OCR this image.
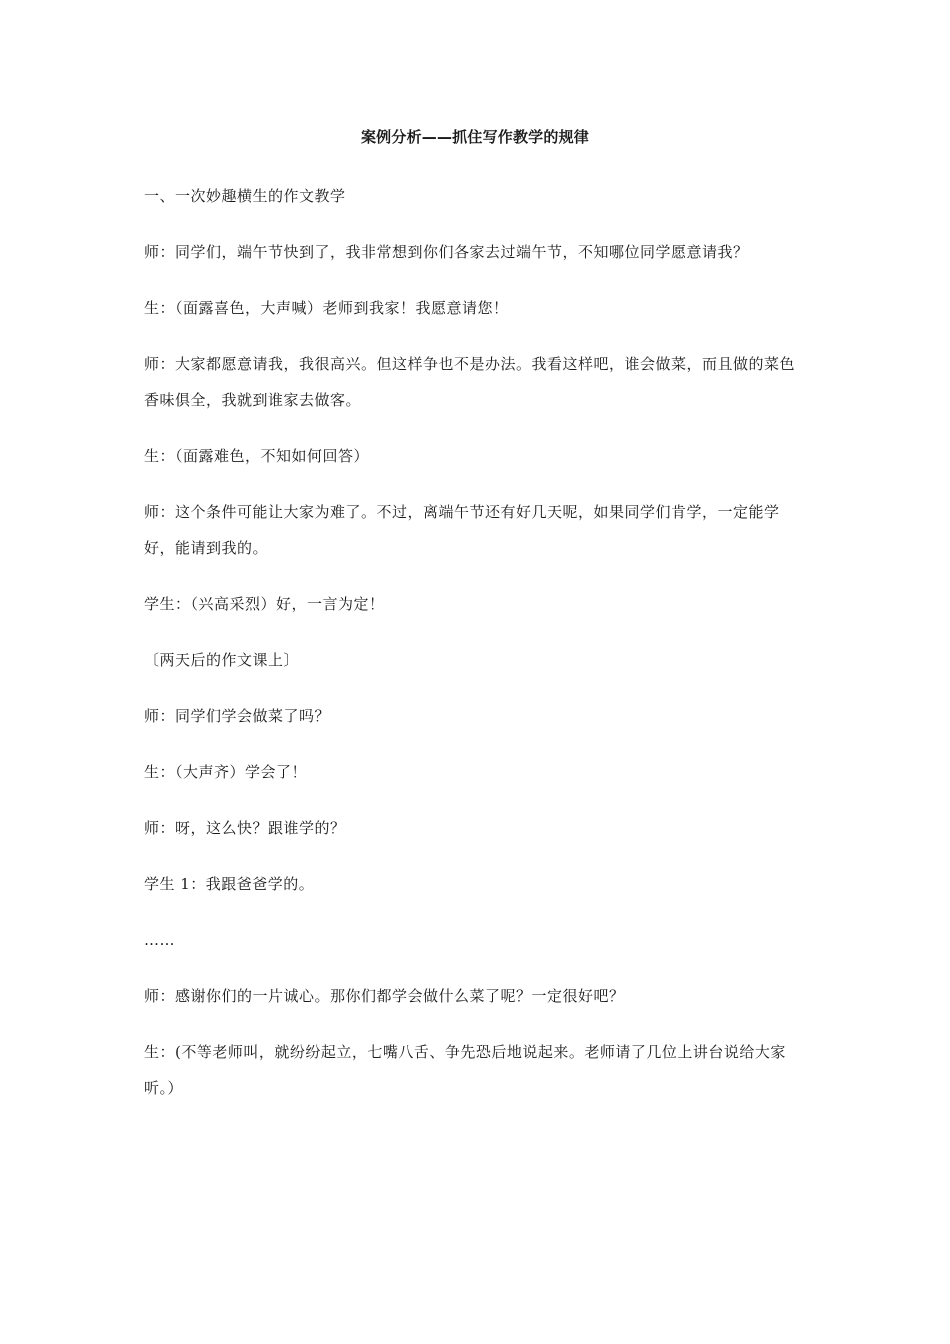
案例分析——抓住写作教学的规律

一、一次妙趣横生的作文教学

师：同学们，端午节快到了，我非常想到你们各家去过端午节，不知哪位同学愿意请我？

生：（面露喜色，大声喊）老师到我家！我愿意请您！

师：大家都愿意请我，我很高兴。但这样争也不是办法。我看这样吧，谁会做菜，而且做的菜色香味俱全，我就到谁家去做客。

生：（面露难色，不知如何回答）

师：这个条件可能让大家为难了。不过，离端午节还有好几天呢，如果同学们肯学，一定能学好，能请到我的。

学生：（兴高采烈）好，一言为定！

〔两天后的作文课上〕

师：同学们学会做菜了吗？

生：（大声齐）学会了！

师：呀，这么快？跟谁学的？

学生 1：我跟爸爸学的。

……

师：感谢你们的一片诚心。那你们都学会做什么菜了呢？一定很好吧？

生：(不等老师叫，就纷纷起立，七嘴八舌、争先恐后地说起来。老师请了几位上讲台说给大家听。）
